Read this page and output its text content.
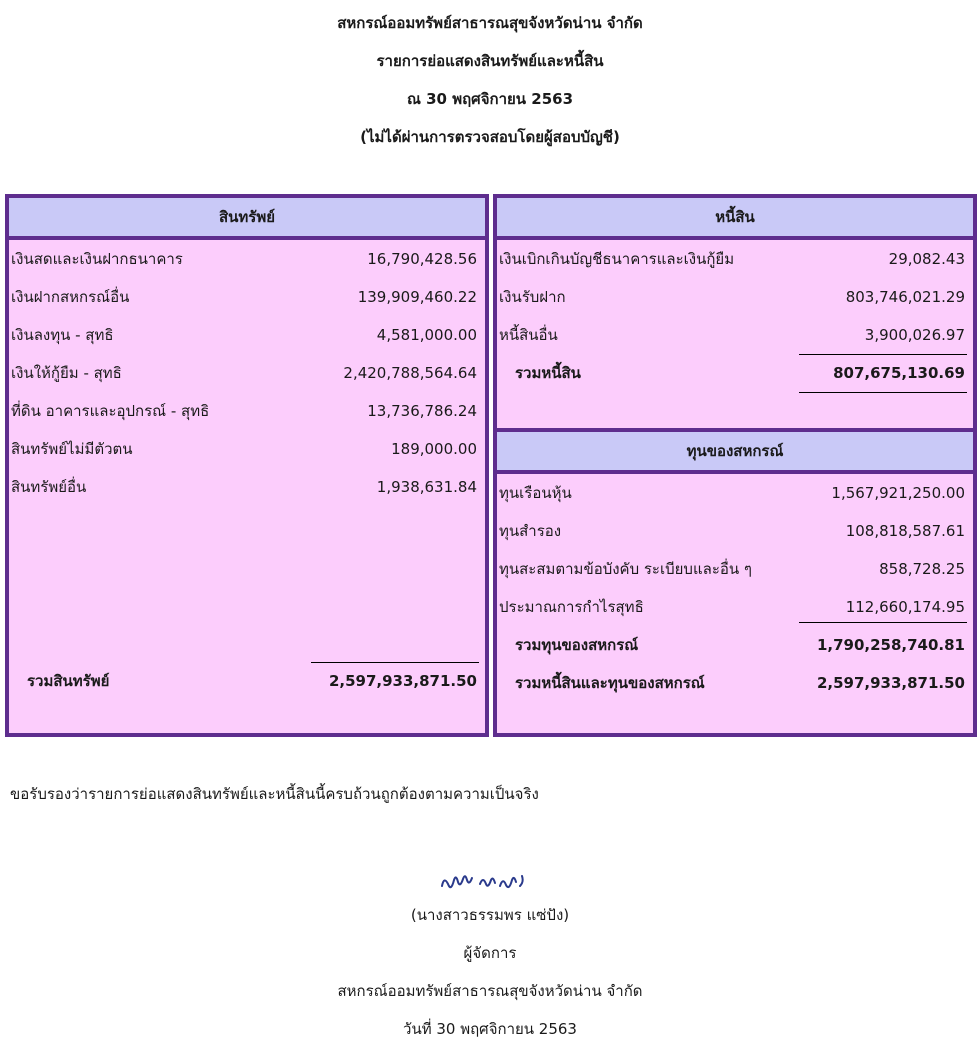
สหกรณ์ออมทรัพย์สาธารณสุขจังหวัดน่าน จำกัด
รายการย่อแสดงสินทรัพย์และหนี้สิน
ณ 30 พฤศจิกายน 2563
(ไม่ได้ผ่านการตรวจสอบโดยผู้สอบบัญชี)
สินทรัพย์
เงินสดและเงินฝากธนาคาร	16,790,428.56
เงินฝากสหกรณ์อื่น	139,909,460.22
เงินลงทุน - สุทธิ	4,581,000.00
เงินให้กู้ยืม - สุทธิ	2,420,788,564.64
ที่ดิน อาคารและอุปกรณ์ - สุทธิ	13,736,786.24
สินทรัพย์ไม่มีตัวตน	189,000.00
สินทรัพย์อื่น	1,938,631.84
รวมสินทรัพย์	2,597,933,871.50
หนี้สิน
เงินเบิกเกินบัญชีธนาคารและเงินกู้ยืม	29,082.43
เงินรับฝาก	803,746,021.29
หนี้สินอื่น	3,900,026.97
รวมหนี้สิน	807,675,130.69
ทุนของสหกรณ์
ทุนเรือนหุ้น	1,567,921,250.00
ทุนสำรอง	108,818,587.61
ทุนสะสมตามข้อบังคับ ระเบียบและอื่น ๆ	858,728.25
ประมาณการกำไรสุทธิ	112,660,174.95
รวมทุนของสหกรณ์	1,790,258,740.81
รวมหนี้สินและทุนของสหกรณ์	2,597,933,871.50
ขอรับรองว่ารายการย่อแสดงสินทรัพย์และหนี้สินนี้ครบถ้วนถูกต้องตามความเป็นจริง
(นางสาวธรรมพร แซ่ปัง)
ผู้จัดการ
สหกรณ์ออมทรัพย์สาธารณสุขจังหวัดน่าน จำกัด
วันที่ 30 พฤศจิกายน 2563
